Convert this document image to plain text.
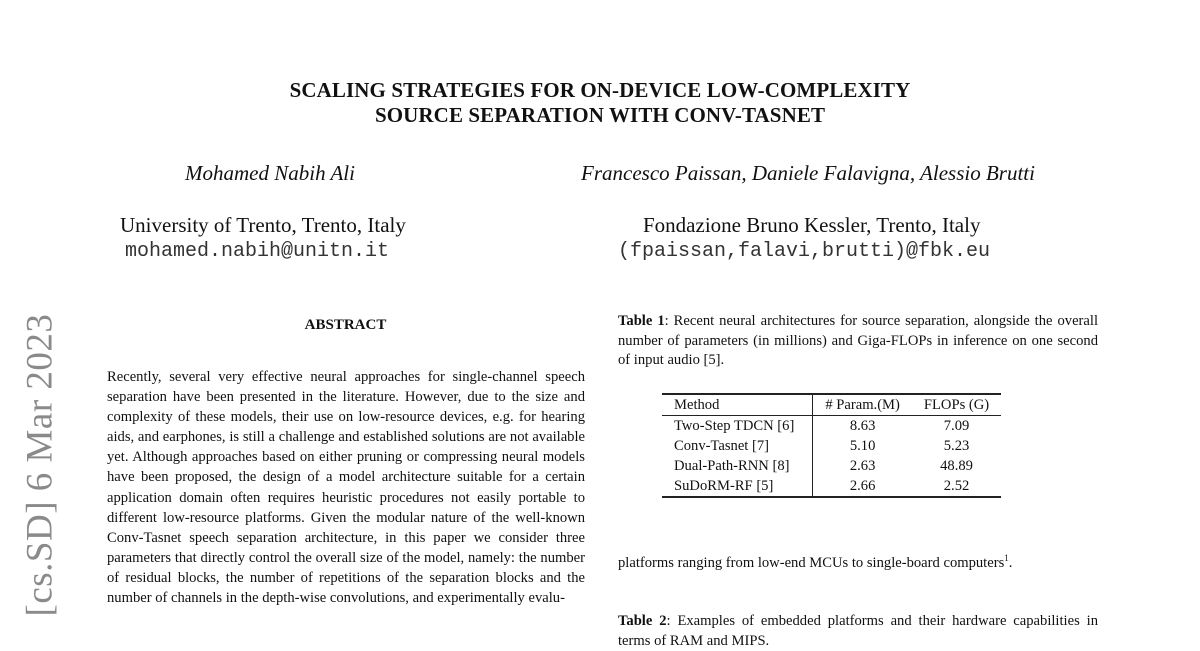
SCALING STRATEGIES FOR ON-DEVICE LOW-COMPLEXITY
SOURCE SEPARATION WITH CONV-TASNET
Mohamed Nabih Ali	Francesco Paissan, Daniele Falavigna, Alessio Brutti
University of Trento, Trento, Italy
mohamed.nabih@unitn.it
Fondazione Bruno Kessler, Trento, Italy
(fpaissan,falavi,brutti)@fbk.eu
[cs.SD] 6 Mar 2023	ABSTRACT
Recently, several very effective neural approaches for single-channel speech separation have been presented in the literature. However, due to the size and complexity of these models, their use on low-resource devices, e.g. for hearing aids, and earphones, is still a challenge and established solutions are not available yet. Although approaches based on either pruning or compressing neural models have been proposed, the design of a model architecture suitable for a certain application domain often requires heuristic procedures not easily portable to different low-resource platforms. Given the modular nature of the well-known Conv-Tasnet speech separation architecture, in this paper we consider three parameters that directly control the overall size of the model, namely: the number of residual blocks, the number of repetitions of the separation blocks and the number of channels in the depth-wise convolutions, and experimentally evalu-
Table 1: Recent neural architectures for source separation, alongside the overall number of parameters (in millions) and Giga-FLOPs in inference on one second of input audio [5].
Method	# Param.(M)	FLOPs (G)
Two-Step TDCN [6]	8.63	7.09
Conv-Tasnet [7]	5.10	5.23
Dual-Path-RNN [8]	2.63	48.89
SuDoRM-RF [5]	2.66	2.52
platforms ranging from low-end MCUs to single-board computers$^1$.
Table 2: Examples of embedded platforms and their hardware capabilities in terms of RAM and MIPS.
